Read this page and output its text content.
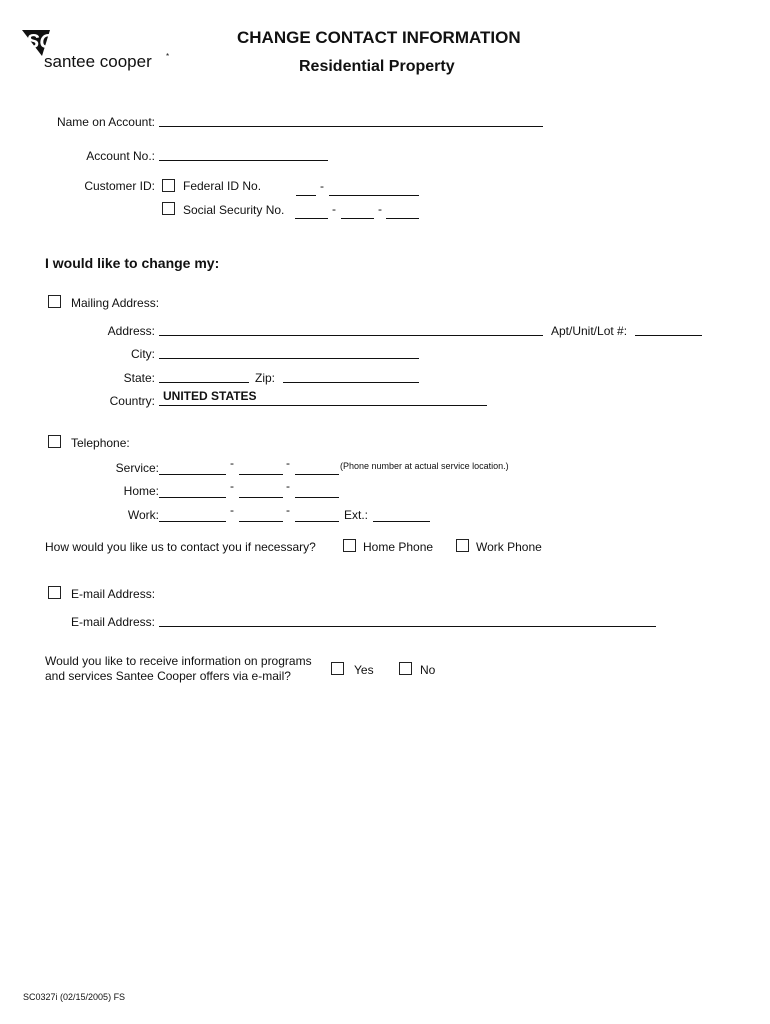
SC
santee cooper *
CHANGE CONTACT INFORMATION
Residential Property
Name on Account:
Account No.:
Customer ID: Federal ID No.	-
Social Security No.	-	-
I would like to change my:
Mailing Address:
Address:	Apt/Unit/Lot #:
City:
State:	Zip:
Country: UNITED STATES
Telephone:
Service:	-	-	(Phone number at actual service location.)
Home:	-	-
Work:	-	-	Ext.:
How would you like us to contact you if necessary?	Home Phone	Work Phone
E-mail Address:
E-mail Address:
Would you like to receive information on programs
and services Santee Cooper offers via e-mail?	Yes	No
SC0327i (02/15/2005) FS
